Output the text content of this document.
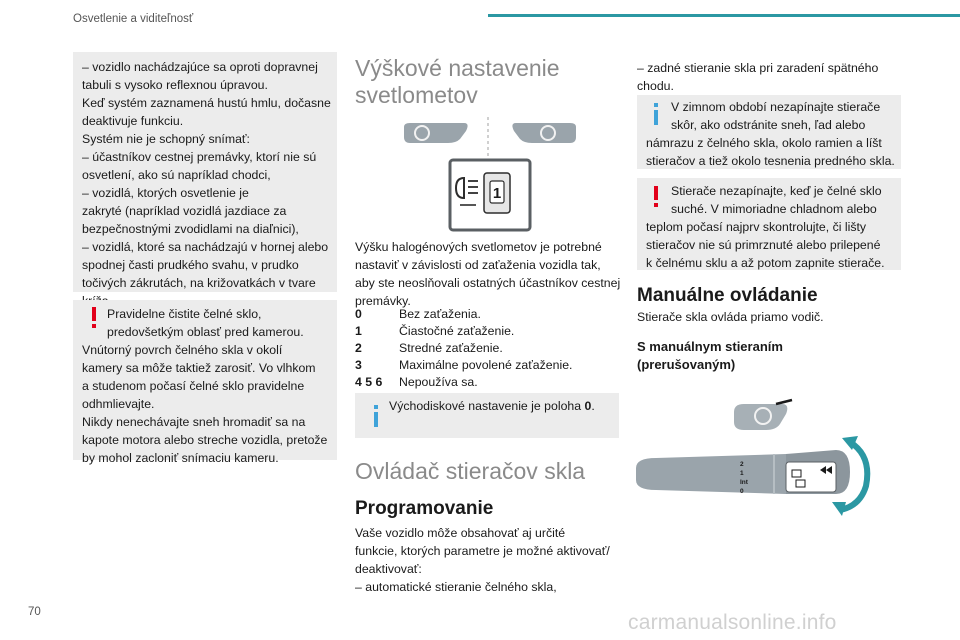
Osvetlenie a viditeľnosť

– vozidlo nachádzajúce sa oproti dopravnej

tabuli s vysoko reflexnou úpravou.

Keď systém zaznamená hustú hmlu, dočasne

deaktivuje funkciu.

Systém nie je schopný snímať:

– účastníkov cestnej premávky, ktorí nie sú

osvetlení, ako sú napríklad chodci,

– vozidlá, ktorých osvetlenie je

zakryté (napríklad vozidlá jazdiace za

bezpečnostnými zvodidlami na diaľnici),

– vozidlá, ktoré sa nachádzajú v hornej alebo

spodnej časti prudkého svahu, v prudko

točivých zákrutách, na križovatkách v tvare

Pravidelne čistite čelné sklo,

predovšetkým oblasť pred kamerou.

Vnútorný povrch čelného skla v okolí

kamery sa môže taktiež zarosiť. Vo vlhkom

a studenom počasí čelné sklo pravidelne

odhmlievajte.

Nikdy nenechávajte sneh hromadiť sa na

kapote motora alebo streche vozidla, pretože

by mohol zacloniť snímaciu kameru.

Výškové nastavenie
svetlometov
1

Výšku halogénových svetlometov je potrebné

nastaviť v závislosti od zaťaženia vozidla tak,

aby ste neoslňovali ostatných účastníkov cestnej

premávky.

0	Bez zaťaženia.
1	Čiastočné zaťaženie.
2	Stredné zaťaženie.
3	Maximálne povolené zaťaženie.
4 5 6	Nepoužíva sa.
Východiskové nastavenie je poloha 0.
Ovládač stieračov skla
Programovanie

Vaše vozidlo môže obsahovať aj určité

funkcie, ktorých parametre je možné aktivovať/

deaktivovať:

– automatické stieranie čelného skla,

– zadné stieranie skla pri zaradení spätného

chodu.

V zimnom období nezapínajte stierače

skôr, ako odstránite sneh, ľad alebo

námrazu z čelného skla, okolo ramien a líšt

stieračov a tiež okolo tesnenia predného skla.

Stierače nezapínajte, keď je čelné sklo

suché. V mimoriadne chladnom alebo

teplom počasí najprv skontrolujte, či lišty

stieračov nie sú primrznuté alebo prilepené

k čelnému sklu a až potom zapnite stierače.

Manuálne ovládanie
Stierače skla ovláda priamo vodič.
S manuálnym stieraním
(prerušovaným)
2
1
Int
0
70	carmanualsonline.info
